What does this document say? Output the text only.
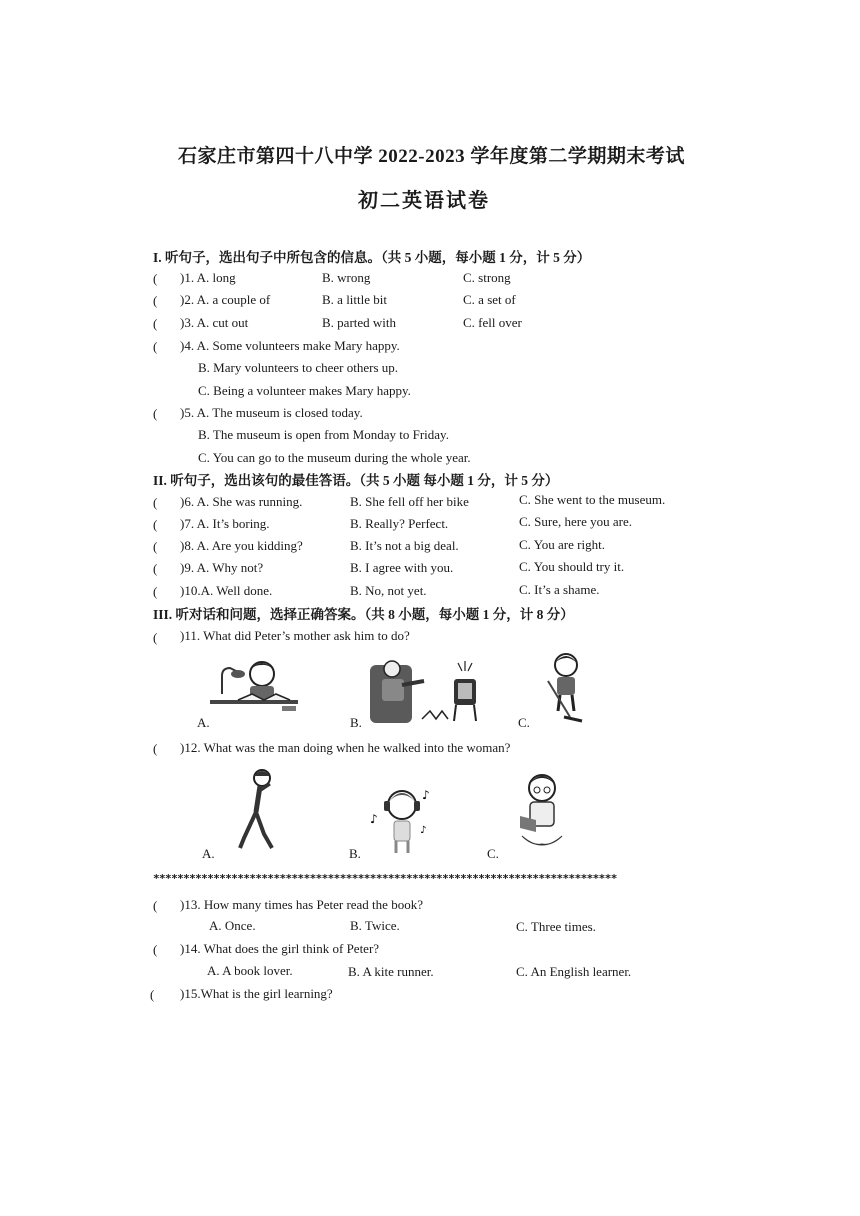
石家庄市第四十八中学 2022-2023 学年度第二学期期末考试
初二英语试卷
I. 听句子，选出句子中所包含的信息。（共 5 小题，每小题 1 分，计 5 分）
( )1. A. long	B. wrong	C. strong
( )2. A. a couple of	B. a little bit	C. a set of
( )3. A. cut out	B. parted with	C. fell over
( )4. A. Some volunteers make Mary happy.
B. Mary volunteers to cheer others up.
C. Being a volunteer makes Mary happy.
( )5. A. The museum is closed today.
B. The museum is open from Monday to Friday.
C. You can go to the museum during the whole year.
II. 听句子，选出该句的最佳答语。（共 5 小题 每小题 1 分，计 5 分）
( )6. A. She was running.	B. She fell off her bike	C. She went to the museum.
( )7. A. It’s boring.	B. Really? Perfect.	C. Sure, here you are.
( )8. A. Are you kidding?	B. It’s not a big deal.	C. You are right.
( )9. A. Why not?	B. I agree with you.	C. You should try it.
( )10.A. Well done.	B. No, not yet.	C. It’s a shame.
III. 听对话和问题，选择正确答案。（共 8 小题，每小题 1 分，计 8 分）
( )11. What did Peter’s mother ask him to do?
A.	B.	C.
( )12. What was the man doing when he walked into the woman?
A.
♪
♪
♪
B.	C.
*****************************************************************************
( )13. How many times has Peter read the book?
A. Once.	B. Twice.	C. Three times.
( )14. What does the girl think of Peter?
A. A book lover.	B. A kite runner.	C. An English learner.
( )15.What is the girl learning?
